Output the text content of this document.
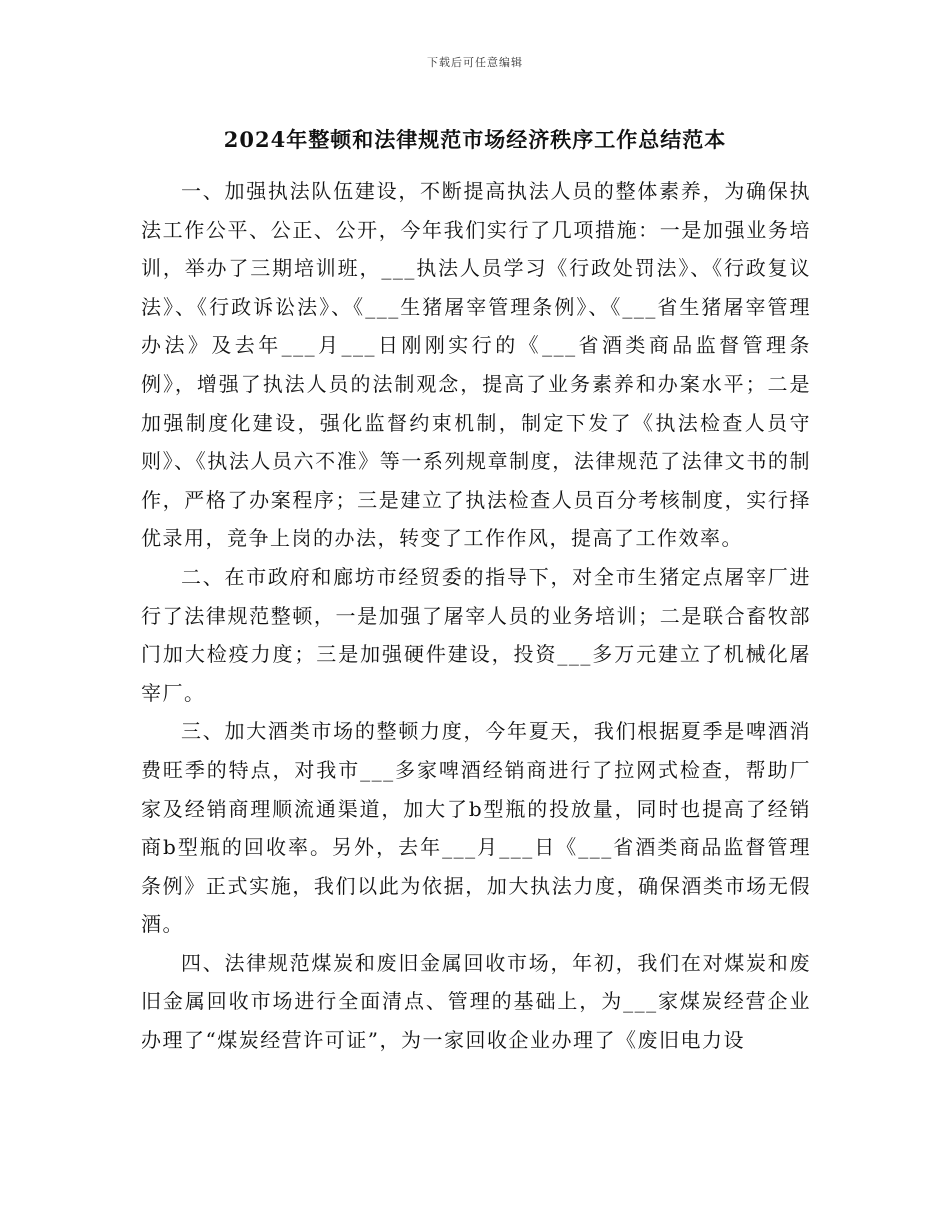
下载后可任意编辑
2024年整顿和法律规范市场经济秩序工作总结范本

一、加强执法队伍建设，不断提高执法人员的整体素养，为确保执法工作公平、公正、公开，今年我们实行了几项措施：一是加强业务培训，举办了三期培训班，___执法人员学习《行政处罚法》、《行政复议法》、《行政诉讼法》、《___生猪屠宰管理条例》、《___省生猪屠宰管理办法》及去年___月___日刚刚实行的《___省酒类商品监督管理条例》，增强了执法人员的法制观念，提高了业务素养和办案水平；二是加强制度化建设，强化监督约束机制，制定下发了《执法检查人员守则》、《执法人员六不准》等一系列规章制度，法律规范了法律文书的制作，严格了办案程序；三是建立了执法检查人员百分考核制度，实行择优录用，竞争上岗的办法，转变了工作作风，提高了工作效率。

二、在市政府和廊坊市经贸委的指导下，对全市生猪定点屠宰厂进行了法律规范整顿，一是加强了屠宰人员的业务培训；二是联合畜牧部门加大检疫力度；三是加强硬件建设，投资___多万元建立了机械化屠宰厂。

三、加大酒类市场的整顿力度，今年夏天，我们根据夏季是啤酒消费旺季的特点，对我市___多家啤酒经销商进行了拉网式检查，帮助厂家及经销商理顺流通渠道，加大了b型瓶的投放量，同时也提高了经销商b型瓶的回收率。另外，去年___月___日《___省酒类商品监督管理条例》正式实施，我们以此为依据，加大执法力度，确保酒类市场无假酒。

四、法律规范煤炭和废旧金属回收市场，年初，我们在对煤炭和废旧金属回收市场进行全面清点、管理的基础上，为___家煤炭经营企业办理了“煤炭经营许可证”，为一家回收企业办理了《废旧电力设
